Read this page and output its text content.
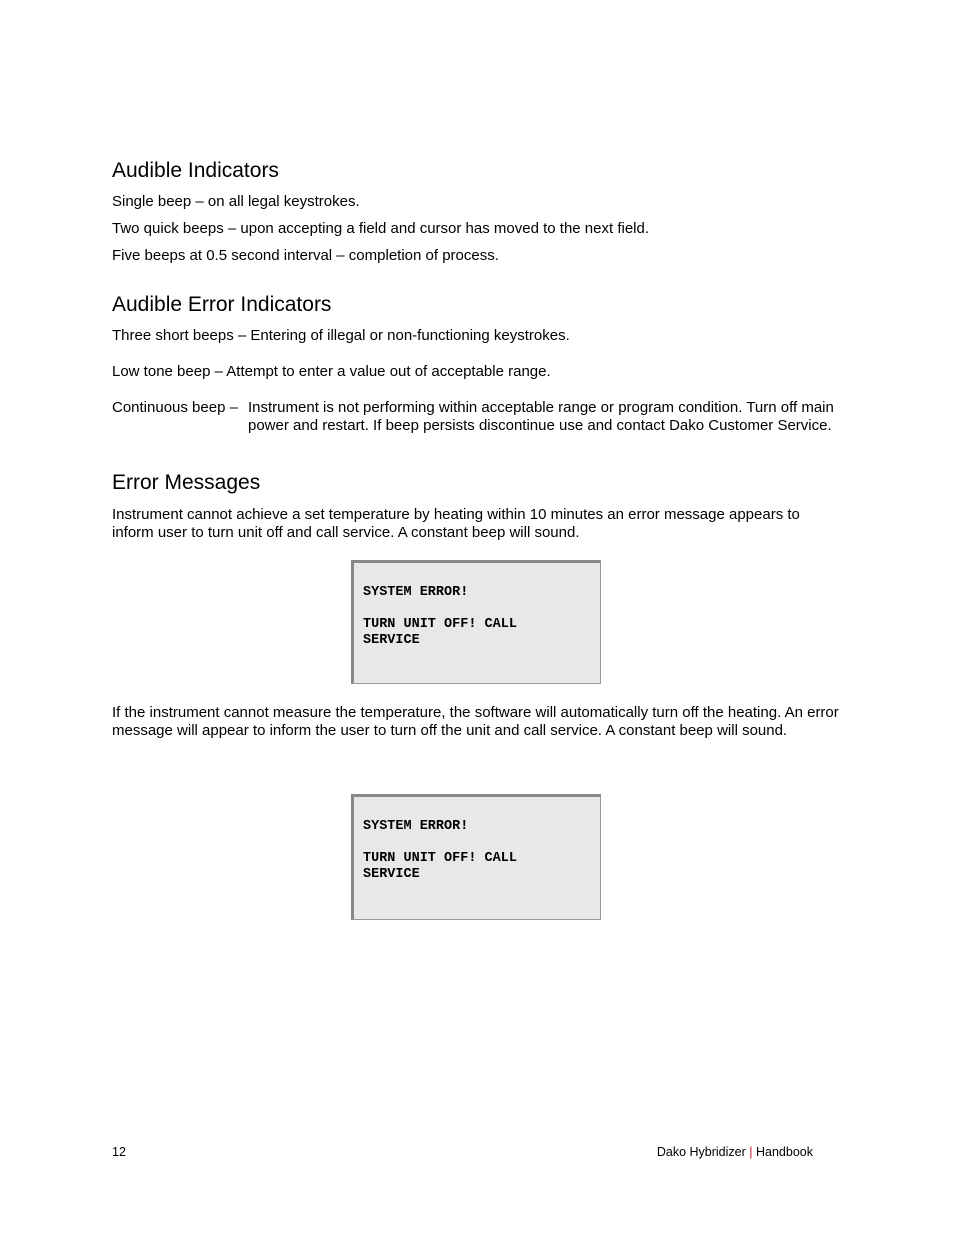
Audible Indicators

Single beep – on all legal keystrokes.

Two quick beeps – upon accepting a field and cursor has moved to the next field.

Five beeps at 0.5 second interval – completion of process.

Audible Error Indicators

Three short beeps – Entering of illegal or non-functioning keystrokes.

Low tone beep – Attempt to enter a value out of acceptable range.

Continuous beep – Instrument is not performing within acceptable range or program condition. Turn off main power and restart. If beep persists discontinue use and contact Dako Customer Service.
Error Messages

Instrument cannot achieve a set temperature by heating within 10 minutes an error message appears to inform user to turn unit off and call service. A constant beep will sound.

If the instrument cannot measure the temperature, the software will automatically turn off the heating. An error message will appear to inform the user to turn off the unit and call service. A constant beep will sound.

SYSTEM ERROR!
TURN UNIT OFF! CALL
SERVICE
SYSTEM ERROR!
TURN UNIT OFF! CALL
SERVICE
12	Dako Hybridizer | Handbook
